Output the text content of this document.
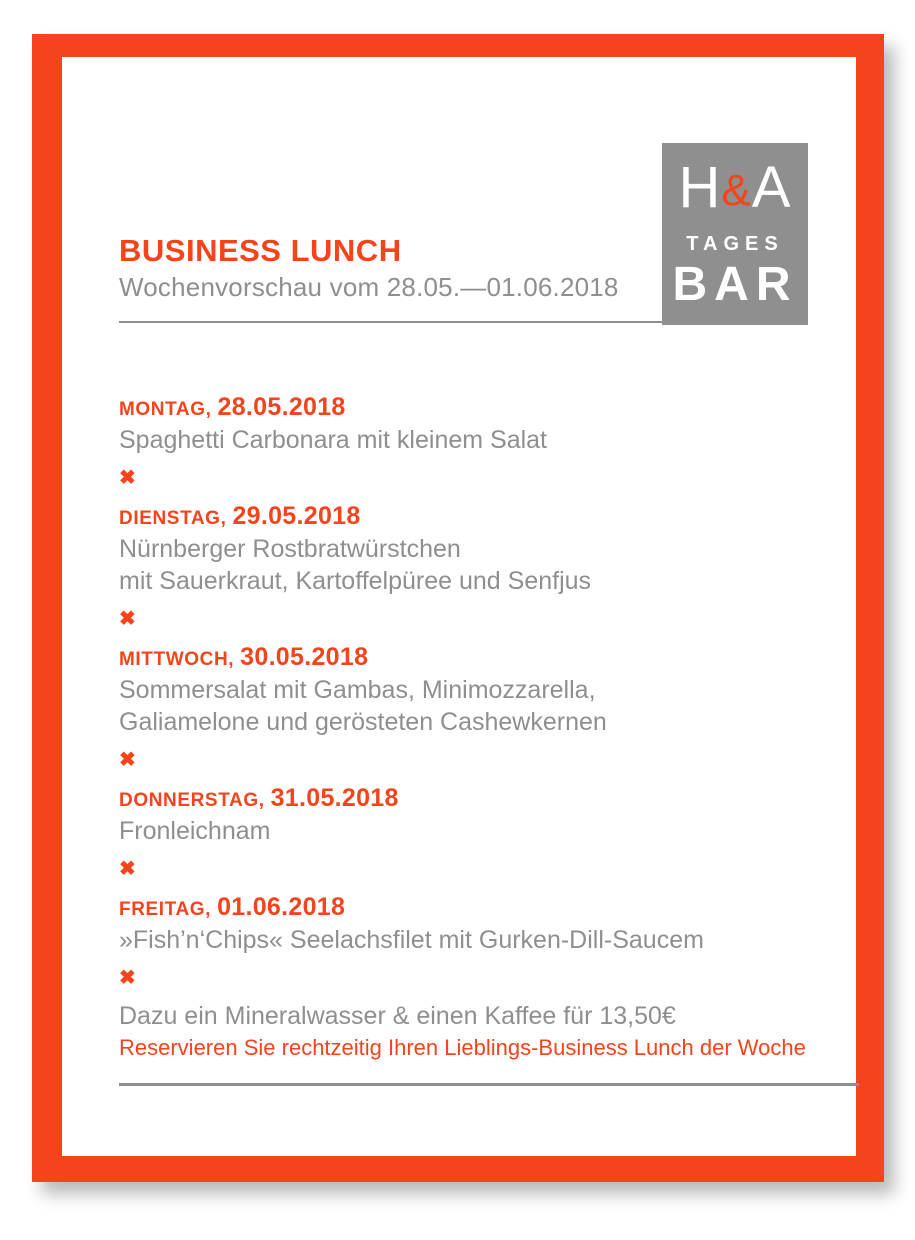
H&A
TAGES
BAR
BUSINESS LUNCH

Wochenvorschau vom 28.05.—01.06.2018

MONTAG, 28.05.2018

Spaghetti Carbonara mit kleinem Salat

✖

DIENSTAG, 29.05.2018

Nürnberger Rostbratwürstchen

mit Sauerkraut, Kartoffelpüree und Senfjus

✖

MITTWOCH, 30.05.2018

Sommersalat mit Gambas, Minimozzarella,

Galiamelone und gerösteten Cashewkernen

✖

DONNERSTAG, 31.05.2018

Fronleichnam

✖

FREITAG, 01.06.2018

»Fish’n‘Chips« Seelachsfilet mit Gurken-Dill-Saucem

✖

Dazu ein Mineralwasser & einen Kaffee für 13,50€

Reservieren Sie rechtzeitig Ihren Lieblings-Business Lunch der Woche
